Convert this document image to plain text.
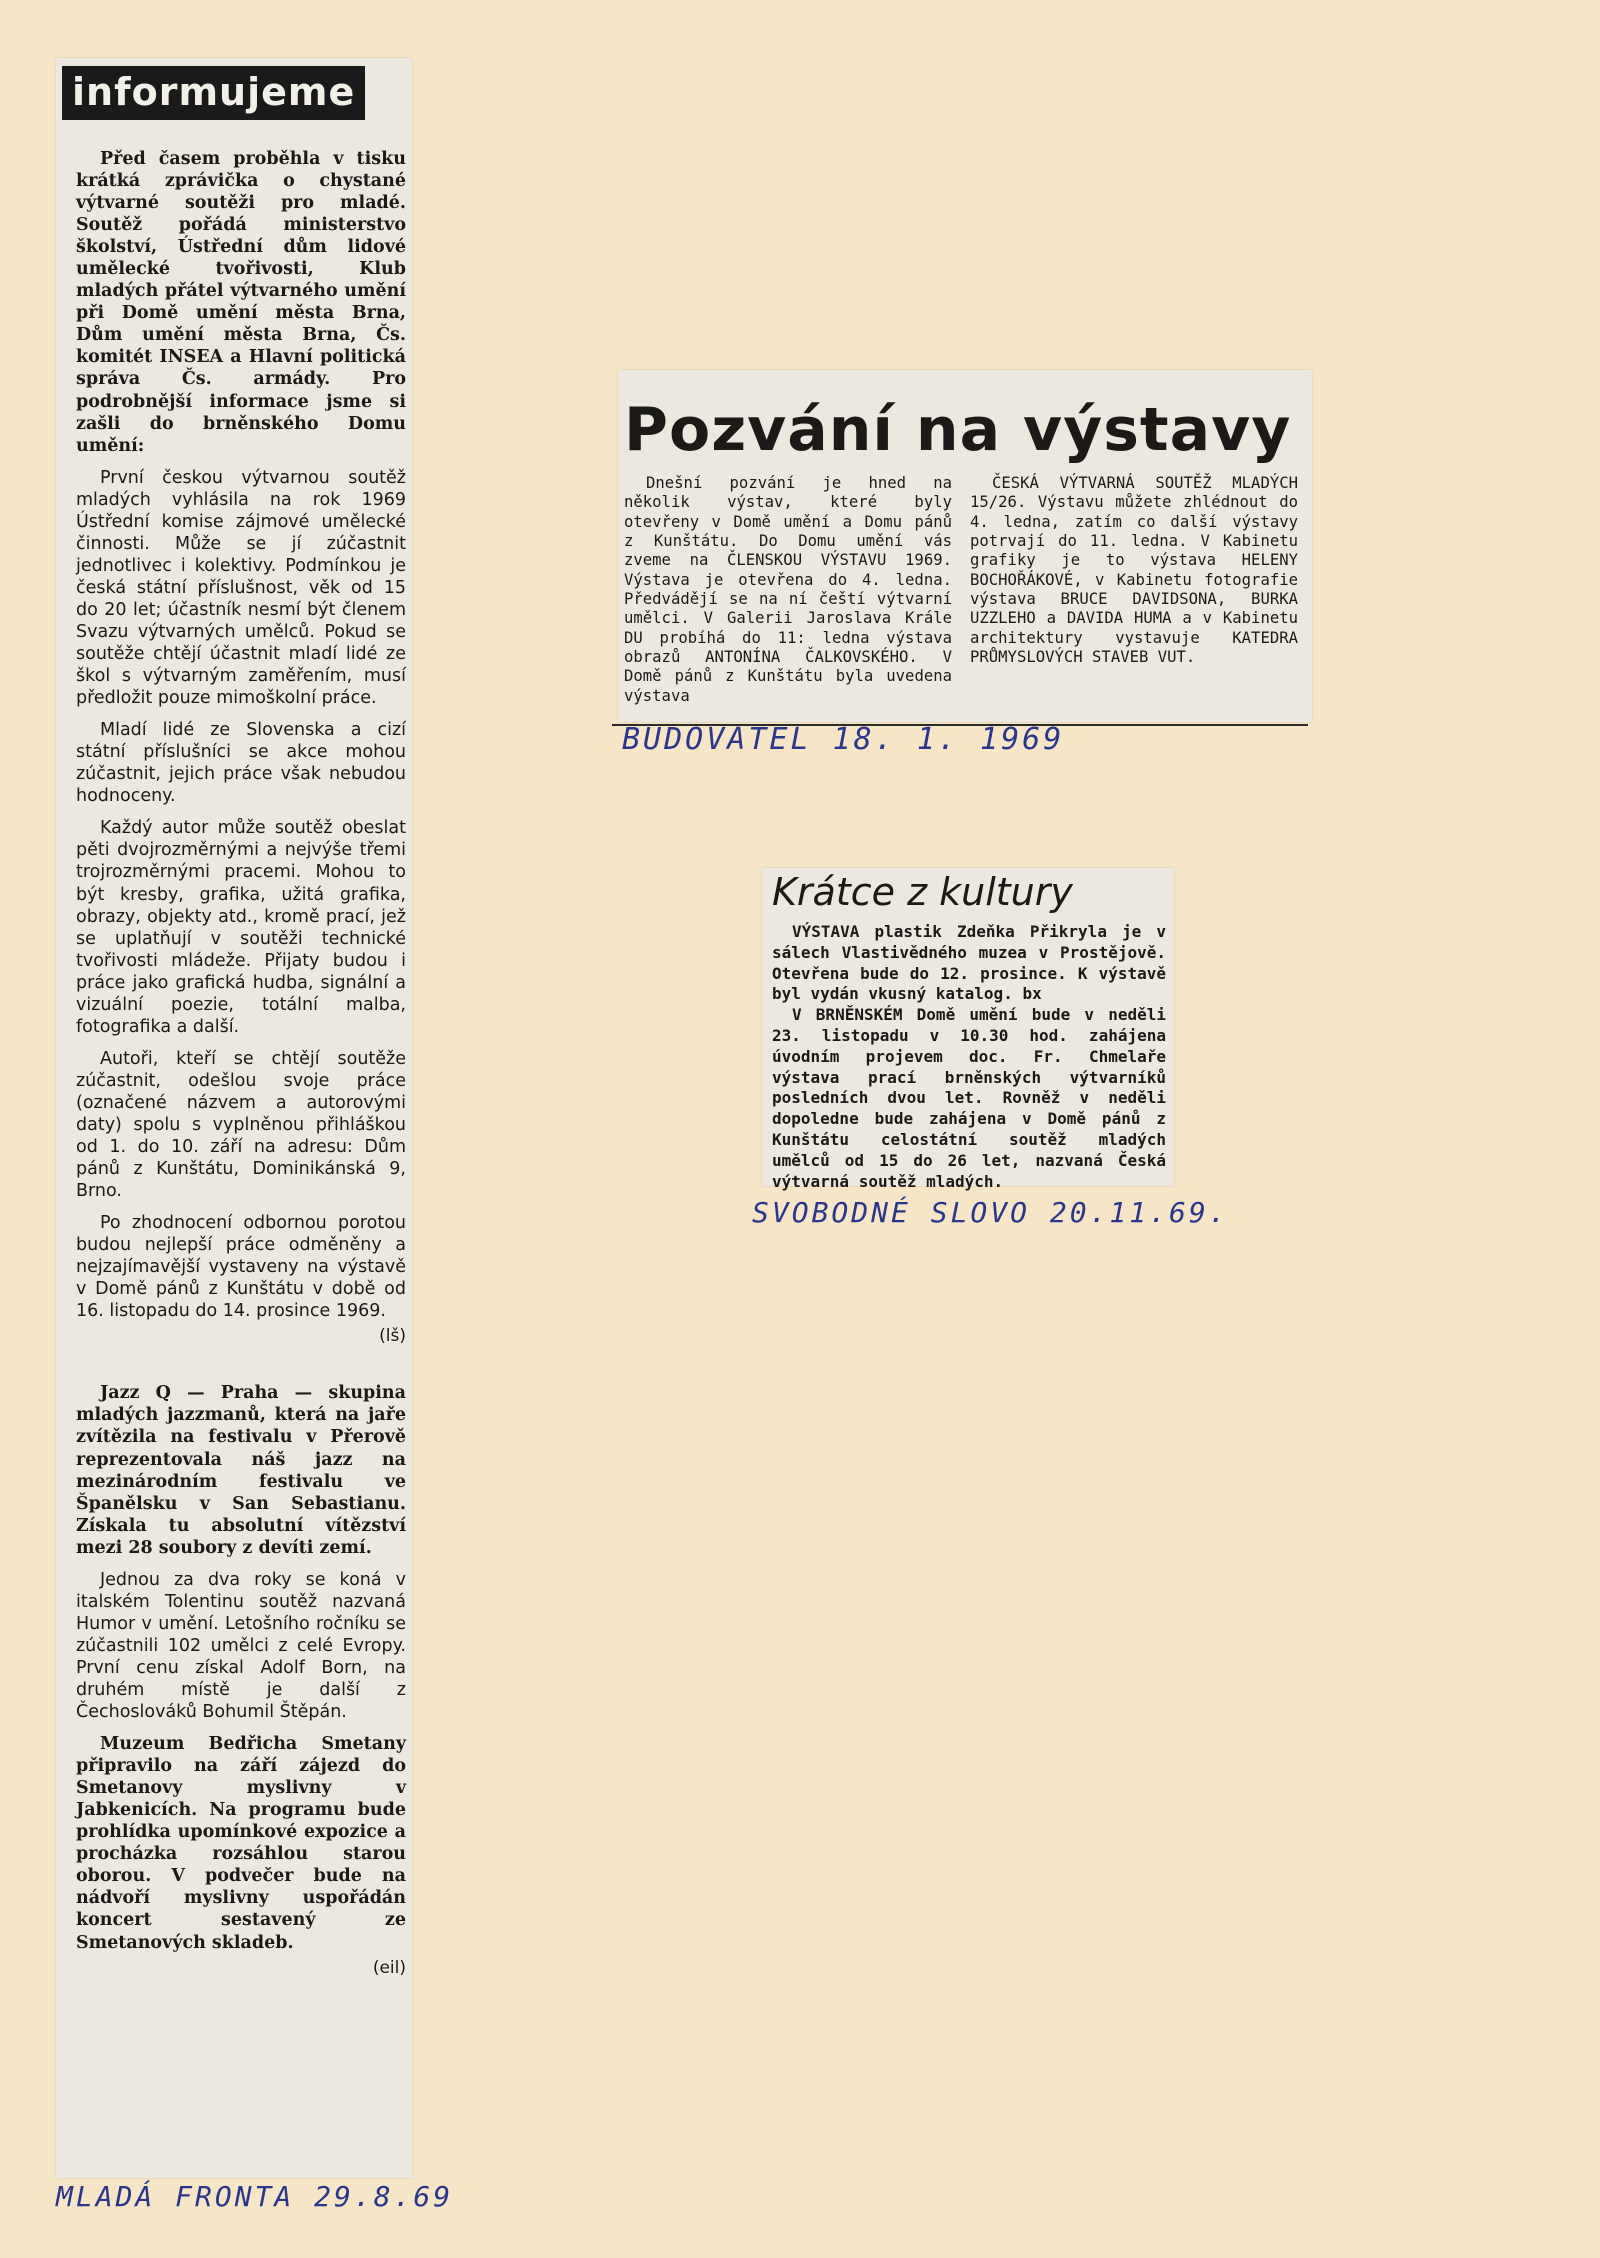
informujeme

Před časem proběhla v tisku krátká zprávička o chystané výtvarné soutěži pro mladé. Soutěž pořádá ministerstvo školství, Ústřední dům lidové umělecké tvořivosti, Klub mladých přátel výtvarného umění při Domě umění města Brna, Dům umění města Brna, Čs. komitét INSEA a Hlavní politická správa Čs. armády. Pro podrobnější informace jsme si zašli do brněnského Domu umění:

První českou výtvarnou soutěž mladých vyhlásila na rok 1969 Ústřední komise zájmové umělecké činnosti. Může se jí zúčastnit jednotlivec i kolektivy. Podmínkou je česká státní příslušnost, věk od 15 do 20 let; účastník nesmí být členem Svazu výtvarných umělců. Pokud se soutěže chtějí účastnit mladí lidé ze škol s výtvarným zaměřením, musí předložit pouze mimoškolní práce.

Mladí lidé ze Slovenska a cizí státní příslušníci se akce mohou zúčastnit, jejich práce však nebudou hodnoceny.

Každý autor může soutěž obeslat pěti dvojrozměrnými a nejvýše třemi trojrozměrnými pracemi. Mohou to být kresby, grafika, užitá grafika, obrazy, objekty atd., kromě prací, jež se uplatňují v soutěži technické tvořivosti mládeže. Přijaty budou i práce jako grafická hudba, signální a vizuální poezie, totální malba, fotografika a další.

Autoři, kteří se chtějí soutěže zúčastnit, odešlou svoje práce (označené názvem a autorovými daty) spolu s vyplněnou přihláškou od 1. do 10. září na adresu: Dům pánů z Kunštátu, Dominikánská 9, Brno.

Po zhodnocení odbornou porotou budou nejlepší práce odměněny a nejzajímavější vystaveny na výstavě v Domě pánů z Kunštátu v době od 16. listopadu do 14. prosince 1969.

(lš)

Jazz Q — Praha — skupina mladých jazzmanů, která na jaře zvítězila na festivalu v Přerově reprezentovala náš jazz na mezinárodním festivalu ve Španělsku v San Sebastianu. Získala tu absolutní vítězství mezi 28 soubory z devíti zemí.

Jednou za dva roky se koná v italském Tolentinu soutěž nazvaná Humor v umění. Letošního ročníku se zúčastnili 102 umělci z celé Evropy. První cenu získal Adolf Born, na druhém místě je další z Čechoslováků Bohumil Štěpán.

Muzeum Bedřicha Smetany připravilo na září zájezd do Smetanovy myslivny v Jabkenicích. Na programu bude prohlídka upomínkové expozice a procházka rozsáhlou starou oborou. V podvečer bude na nádvoří myslivny uspořádán koncert sestavený ze Smetanových skladeb.

(eil)
MLADÁ FRONTA 29.8.69
Pozvání na výstavy

Dnešní pozvání je hned na několik výstav, které byly otevřeny v Domě umění a Domu pánů z Kunštátu. Do Domu umění vás zveme na ČLENSKOU VÝSTAVU 1969. Výstava je otevřena do 4. ledna. Předvádějí se na ní čeští výtvarní umělci. V Galerii Jaroslava Krále DU probíhá do 11: ledna výstava obrazů ANTONÍNA ČALKOVSKÉHO. V Domě pánů z Kunštátu byla uvedena výstava

ČESKÁ VÝTVARNÁ SOUTĚŽ MLADÝCH 15/26. Výstavu můžete zhlédnout do 4. ledna, zatím co další výstavy potrvají do 11. ledna. V Kabinetu grafiky je to výstava HELENY BOCHOŘÁKOVÉ, v Kabinetu fotografie výstava BRUCE DAVIDSONA, BURKA UZZLEHO a DAVIDA HUMA a v Kabinetu architektury vystavuje KATEDRA PRŮMYSLOVÝCH STAVEB VUT.

BUDOVATEL 18. 1. 1969
Krátce z kultury

VÝSTAVA plastik Zdeňka Přikryla je v sálech Vlastivědného muzea v Prostějově. Otevřena bude do 12. prosince. K výstavě byl vydán vkusný katalog. bx

V BRNĚNSKÉM Domě umění bude v neděli 23. listopadu v 10.30 hod. zahájena úvodním projevem doc. Fr. Chmelaře výstava prací brněnských výtvarníků posledních dvou let. Rovněž v neděli dopoledne bude zahájena v Domě pánů z Kunštátu celostátní soutěž mladých umělců od 15 do 26 let, nazvaná Česká výtvarná soutěž mladých.

SVOBODNÉ SLOVO 20.11.69.
